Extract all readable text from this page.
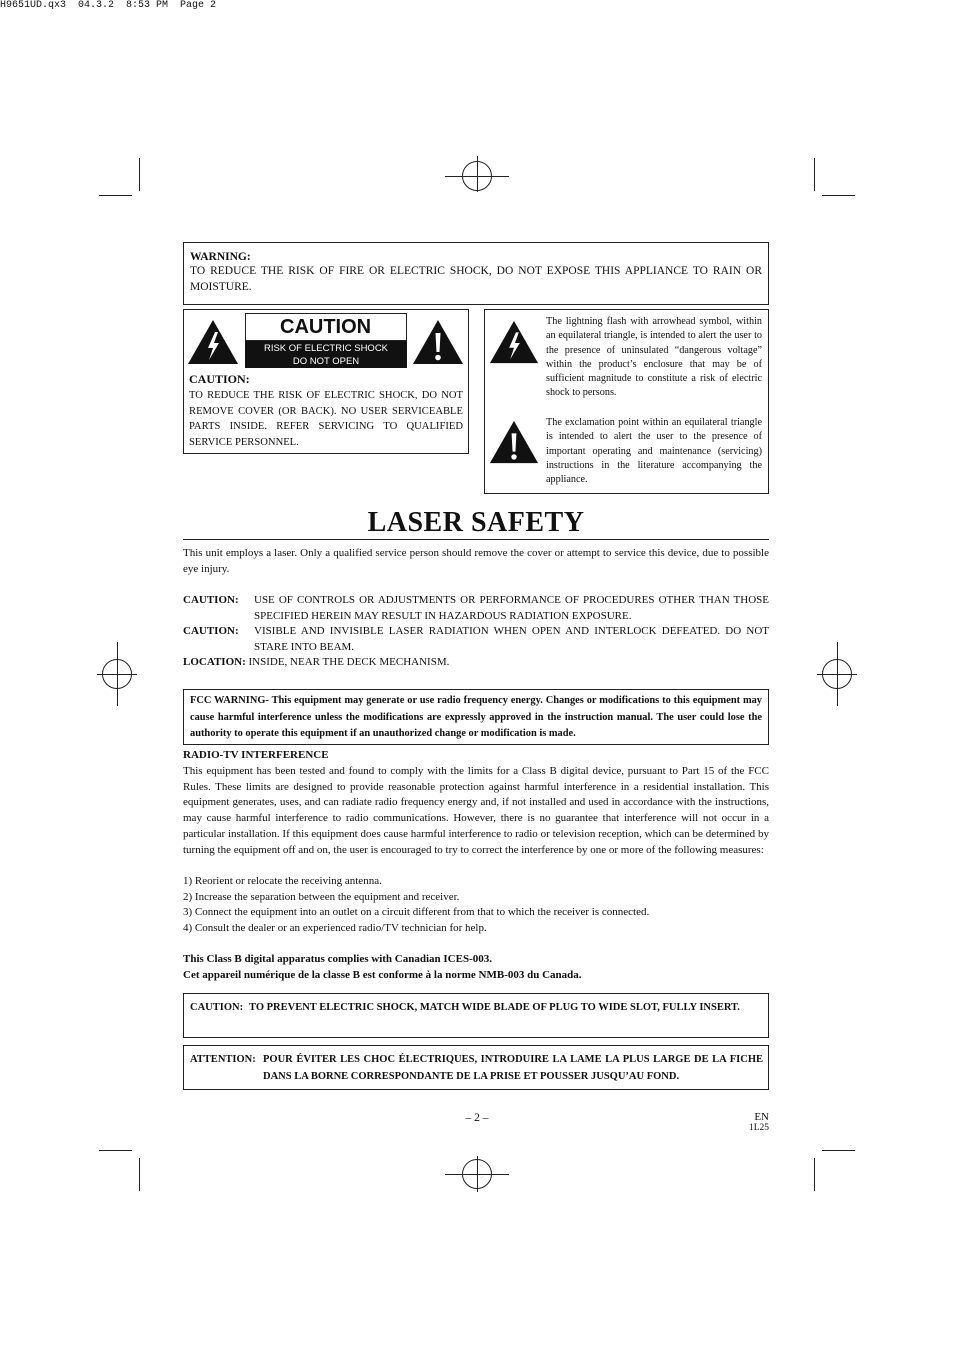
H9651UD.qx3  04.3.2  8:53 PM  Page 2
WARNING:
TO REDUCE THE RISK OF FIRE OR ELECTRIC SHOCK, DO NOT EXPOSE THIS APPLIANCE TO RAIN OR MOISTURE.
CAUTION
RISK OF ELECTRIC SHOCK
DO NOT OPEN
CAUTION:
TO REDUCE THE RISK OF ELECTRIC SHOCK, DO NOT REMOVE COVER (OR BACK). NO USER SERVICEABLE PARTS INSIDE. REFER SERVICING TO QUALIFIED SERVICE PERSONNEL.
The lightning flash with arrowhead symbol, within an equilateral triangle, is intended to alert the user to the presence of uninsulated “dangerous voltage” within the product’s enclosure that may be of sufficient magnitude to constitute a risk of electric shock to persons.
The exclamation point within an equilateral triangle is intended to alert the user to the presence of important operating and maintenance (servicing) instructions in the literature accompanying the appliance.
LASER SAFETY
This unit employs a laser. Only a qualified service person should remove the cover or attempt to service this device, due to possible eye injury.
CAUTION: USE OF CONTROLS OR ADJUSTMENTS OR PERFORMANCE OF PROCEDURES OTHER THAN THOSE SPECIFIED HEREIN MAY RESULT IN HAZARDOUS RADIATION EXPOSURE.
CAUTION: VISIBLE AND INVISIBLE LASER RADIATION WHEN OPEN AND INTERLOCK DEFEATED. DO NOT STARE INTO BEAM.
LOCATION: INSIDE, NEAR THE DECK MECHANISM.
FCC WARNING- This equipment may generate or use radio frequency energy. Changes or modifications to this equipment may cause harmful interference unless the modifications are expressly approved in the instruction manual. The user could lose the authority to operate this equipment if an unauthorized change or modification is made.
RADIO-TV INTERFERENCE
This equipment has been tested and found to comply with the limits for a Class B digital device, pursuant to Part 15 of the FCC Rules. These limits are designed to provide reasonable protection against harmful interference in a residential installation. This equipment generates, uses, and can radiate radio frequency energy and, if not installed and used in accordance with the instructions, may cause harmful interference to radio communications. However, there is no guarantee that interference will not occur in a particular installation. If this equipment does cause harmful interference to radio or television reception, which can be determined by turning the equipment off and on, the user is encouraged to try to correct the interference by one or more of the following measures:
1) Reorient or relocate the receiving antenna.
2) Increase the separation between the equipment and receiver.
3) Connect the equipment into an outlet on a circuit different from that to which the receiver is connected.
4) Consult the dealer or an experienced radio/TV technician for help.
This Class B digital apparatus complies with Canadian ICES-003.
Cet appareil numérique de la classe B est conforme à la norme NMB-003 du Canada.
CAUTION: TO PREVENT ELECTRIC SHOCK, MATCH WIDE BLADE OF PLUG TO WIDE SLOT, FULLY INSERT.
ATTENTION: POUR ÉVITER LES CHOC ÉLECTRIQUES, INTRODUIRE LA LAME LA PLUS LARGE DE LA FICHE DANS LA BORNE CORRESPONDANTE DE LA PRISE ET POUSSER JUSQU’AU FOND.
– 2 –	EN
1L25
